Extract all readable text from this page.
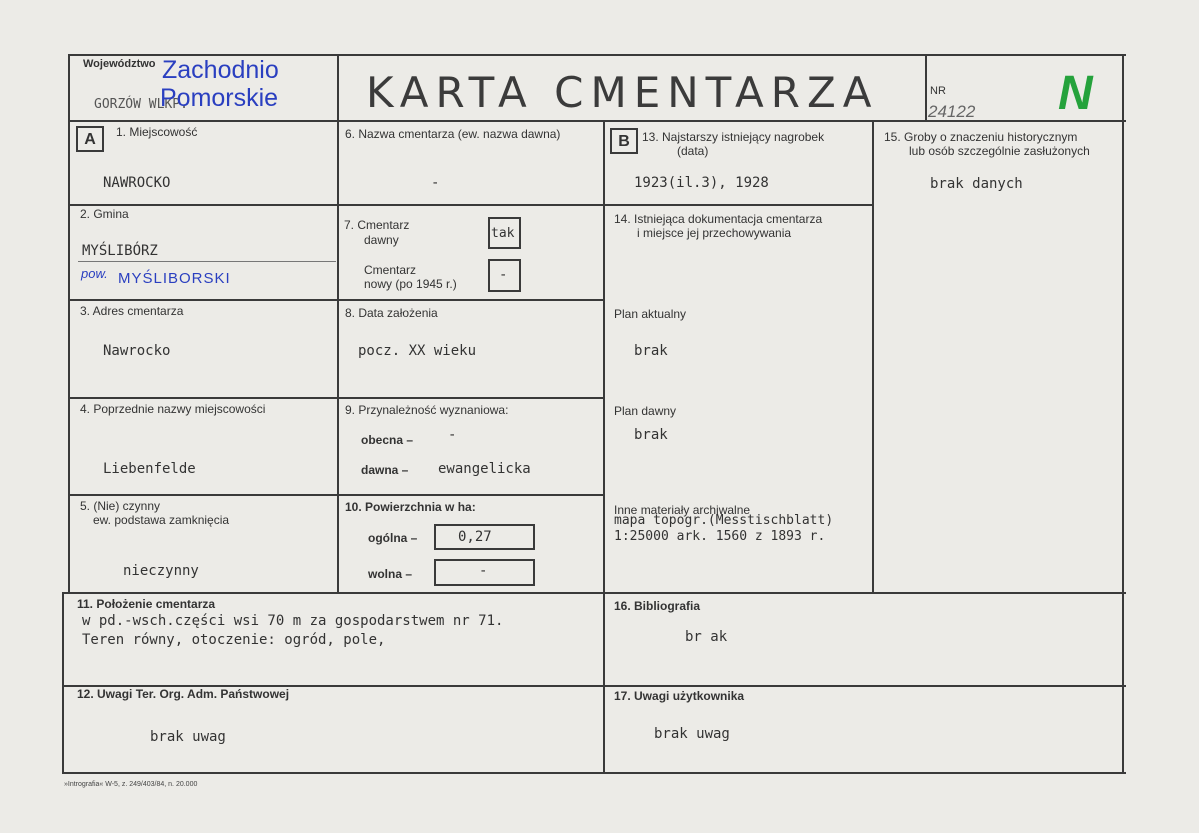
Województwo Zachodnio
GORZÓW WLKP.
Pomorskie KARTA CMENTARZA	NR
24122 N
A	B
1. Miejscowość
NAWROCKO
2. Gmina
MYŚLIBÓRZ
pow. MYŚLIBORSKI
3. Adres cmentarza
Nawrocko
4. Poprzednie nazwy miejscowości
Liebenfelde
5. (Nie) czynny
ew. podstawa zamknięcia
nieczynny
6. Nazwa cmentarza (ew. nazwa dawna)
-
7. Cmentarz
dawny	tak
Cmentarz
nowy (po 1945 r.)
-
8. Data założenia
pocz. XX wieku
9. Przynależność wyznaniowa:
obecna – -
dawna – ewangelicka
10. Powierzchnia w ha:
ogólna –	0,27
wolna –	-
13. Najstarszy istniejący nagrobek
(data)
1923(il.3), 1928
14. Istniejąca dokumentacja cmentarza
i miejsce jej przechowywania
Plan aktualny
brak
Plan dawny
brak
Inne materiały archiwalne
mapa topogr.(Messtischblatt)
1:25000 ark. 1560 z 1893 r.
15. Groby o znaczeniu historycznym
lub osób szczególnie zasłużonych
brak danych
11. Położenie cmentarza
w pd.-wsch.części wsi 70 m za gospodarstwem nr 71.
Teren równy, otoczenie: ogród, pole,
16. Bibliografia
br ak
12. Uwagi Ter. Org. Adm. Państwowej
brak uwag
17. Uwagi użytkownika
brak uwag
»Intrografia« W-5, z. 249/403/84, n. 20.000
